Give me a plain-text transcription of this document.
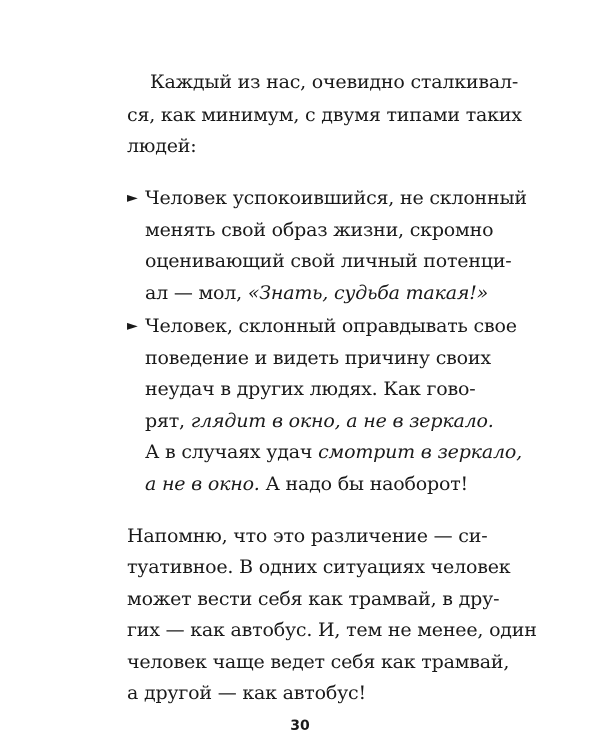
Каждый из нас, очевидно сталкивал-
ся, как минимум, с двумя типами таких
людей:
► Человек успокоившийся, не склонный
менять свой образ жизни, скромно
оценивающий свой личный потенци-
ал — мол, «Знать, судьба такая!»
► Человек, склонный оправдывать свое
поведение и видеть причину своих
неудач в других людях. Как гово-
рят, глядит в окно, а не в зеркало.
А в случаях удач смотрит в зеркало,
а не в окно. А надо бы наоборот!
Напомню, что это различение — си-
туативное. В одних ситуациях человек
может вести себя как трамвай, в дру-
гих — как автобус. И, тем не менее, один
человек чаще ведет себя как трамвай,
а другой — как автобус!
30
